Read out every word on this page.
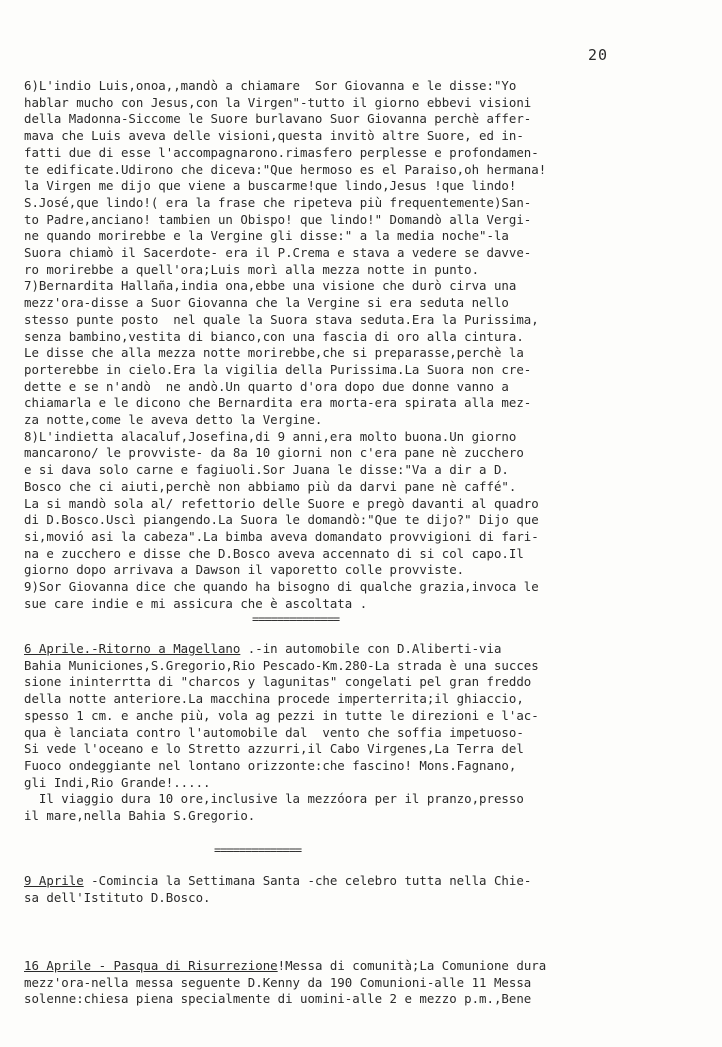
20
6)L'indio Luis,onoa,,mandò a chiamare  Sor Giovanna e le disse:"Yo
hablar mucho con Jesus,con la Virgen"-tutto il giorno ebbevi visioni
della Madonna-Siccome le Suore burlavano Suor Giovanna perchè affer-
mava che Luis aveva delle visioni,questa invitò altre Suore, ed in-
fatti due di esse l'accompagnarono.rimasfero perplesse e profondamen-
te edificate.Udirono che diceva:"Que hermoso es el Paraiso,oh hermana!
la Virgen me dijo que viene a buscarme!que lindo,Jesus !que lindo!
S.José,que lindo!( era la frase che ripeteva più frequentemente)San-
to Padre,anciano! tambien un Obispo! que lindo!" Domandò alla Vergi-
ne quando morirebbe e la Vergine gli disse:" a la media noche"-la
Suora chiamò il Sacerdote- era il P.Crema e stava a vedere se davve-
ro morirebbe a quell'ora;Luis morì alla mezza notte in punto.
7)Bernardita Hallaña,india ona,ebbe una visione che durò cirva una
mezz'ora-disse a Suor Giovanna che la Vergine si era seduta nello
stesso punte posto  nel quale la Suora stava seduta.Era la Purissima,
senza bambino,vestita di bianco,con una fascia di oro alla cintura.
Le disse che alla mezza notte morirebbe,che si preparasse,perchè la
porterebbe in cielo.Era la vigilia della Purissima.La Suora non cre-
dette e se n'andò  ne andò.Un quarto d'ora dopo due donne vanno a
chiamarla e le dicono che Bernardita era morta-era spirata alla mez-
za notte,come le aveva detto la Vergine.
8)L'indietta alacaluf,Josefina,di 9 anni,era molto buona.Un giorno
mancarono/ le provviste- da 8a 10 giorni non c'era pane nè zucchero
e si dava solo carne e fagiuoli.Sor Juana le disse:"Va a dir a D.
Bosco che ci aiuti,perchè non abbiamo più da darvi pane nè caffé".
La si mandò sola al/ refettorio delle Suore e pregò davanti al quadro
di D.Bosco.Uscì piangendo.La Suora le domandò:"Que te dijo?" Dijo que
si,movió asi la cabeza".La bimba aveva domandato provvigioni di fari-
na e zucchero e disse che D.Bosco aveva accennato di si col capo.Il
giorno dopo arrivava a Dawson il vaporetto colle provviste.
9)Sor Giovanna dice che quando ha bisogno di qualche grazia,invoca le
sue care indie e mi assicura che è ascoltata .
==============
6 Aprile.-Ritorno a Magellano .-in automobile con D.Aliberti-via
Bahia Municiones,S.Gregorio,Rio Pescado-Km.280-La strada è una succes
sione ininterrtta di "charcos y lagunitas" congelati pel gran freddo
della notte anteriore.La macchina procede imperterrita;il ghiaccio,
spesso 1 cm. e anche più, vola ag pezzi in tutte le direzioni e l'ac-
qua è lanciata contro l'automobile dal  vento che soffia impetuoso-
Si vede l'oceano e lo Stretto azzurri,il Cabo Virgenes,La Terra del
Fuoco ondeggiante nel lontano orizzonte:che fascino! Mons.Fagnano,
gli Indi,Rio Grande!.....
Il viaggio dura 10 ore,inclusive la mezzóora per il pranzo,presso
il mare,nella Bahia S.Gregorio.
==============
9 Aprile -Comincia la Settimana Santa -che celebro tutta nella Chie-
sa dell'Istituto D.Bosco.
16 Aprile - Pasqua di Risurrezione!Messa di comunità;La Comunione dura
mezz'ora-nella messa seguente D.Kenny da 190 Comunioni-alle 11 Messa
solenne:chiesa piena specialmente di uomini-alle 2 e mezzo p.m.,Bene
